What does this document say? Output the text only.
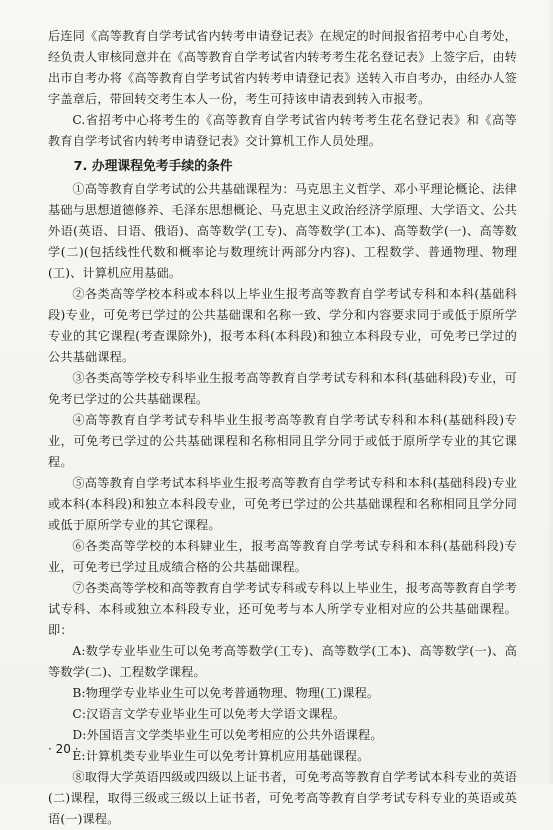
后连同《高等教育自学考试省内转考申请登记表》在规定的时间报省招考中心自考处，经负责人审核同意并在《高等教育自学考试省内转考考生花名登记表》上签字后，由转出市自考办将《高等教育自学考试省内转考申请登记表》送转入市自考办，由经办人签字盖章后，带回转交考生本人一份，考生可持该申请表到转入市报考。

C.省招考中心将考生的《高等教育自学考试省内转考考生花名登记表》和《高等教育自学考试省内转考申请登记表》交计算机工作人员处理。

7. 办理课程免考手续的条件

①高等教育自学考试的公共基础课程为：马克思主义哲学、邓小平理论概论、法律基础与思想道德修养、毛泽东思想概论、马克思主义政治经济学原理、大学语文、公共外语(英语、日语、俄语)、高等数学(工专)、高等数学(工本)、高等数学(一)、高等数学(二)(包括线性代数和概率论与数理统计两部分内容)、工程数学、普通物理、物理(工)、计算机应用基础。

②各类高等学校本科或本科以上毕业生报考高等教育自学考试专科和本科(基础科段)专业，可免考已学过的公共基础课和名称一致、学分和内容要求同于或低于原所学专业的其它课程(考查课除外)，报考本科(本科段)和独立本科段专业，可免考已学过的公共基础课程。

③各类高等学校专科毕业生报考高等教育自学考试专科和本科(基础科段)专业，可免考已学过的公共基础课程。

④高等教育自学考试专科毕业生报考高等教育自学考试专科和本科(基础科段)专业，可免考已学过的公共基础课程和名称相同且学分同于或低于原所学专业的其它课程。

⑤高等教育自学考试本科毕业生报考高等教育自学考试专科和本科(基础科段)专业或本科(本科段)和独立本科段专业，可免考已学过的公共基础课程和名称相同且学分同或低于原所学专业的其它课程。

⑥各类高等学校的本科肄业生，报考高等教育自学考试专科和本科(基础科段)专业，可免考已学过且成绩合格的公共基础课程。

⑦各类高等学校和高等教育自学考试专科或专科以上毕业生，报考高等教育自学考试专科、本科或独立本科段专业，还可免考与本人所学专业相对应的公共基础课程。即：

A:数学专业毕业生可以免考高等数学(工专)、高等数学(工本)、高等数学(一)、高等数学(二)、工程数学课程。

B:物理学专业毕业生可以免考普通物理、物理(工)课程。

C:汉语言文学专业毕业生可以免考大学语文课程。

D:外国语言文学类毕业生可以免考相应的公共外语课程。

E:计算机类专业毕业生可以免考计算机应用基础课程。

⑧取得大学英语四级或四级以上证书者，可免考高等教育自学考试本科专业的英语(二)课程，取得三级或三级以上证书者，可免考高等教育自学考试专科专业的英语或英语(一)课程。

· 20 ·
